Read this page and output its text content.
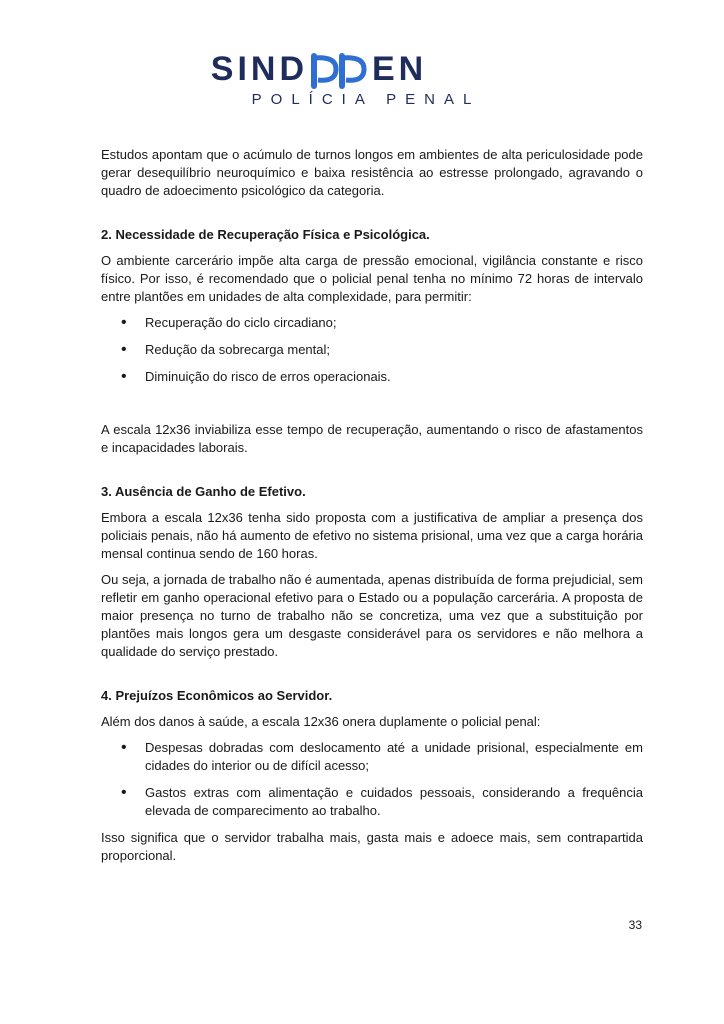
SIND EN
POLÍCIA PENAL

Estudos apontam que o acúmulo de turnos longos em ambientes de alta periculosidade pode gerar desequilíbrio neuroquímico e baixa resistência ao estresse prolongado, agravando o quadro de adoecimento psicológico da categoria.

2. Necessidade de Recuperação Física e Psicológica.

O ambiente carcerário impõe alta carga de pressão emocional, vigilância constante e risco físico. Por isso, é recomendado que o policial penal tenha no mínimo 72 horas de intervalo entre plantões em unidades de alta complexidade, para permitir:

• Recuperação do ciclo circadiano;
• Redução da sobrecarga mental;
• Diminuição do risco de erros operacionais.

A escala 12x36 inviabiliza esse tempo de recuperação, aumentando o risco de afastamentos e incapacidades laborais.

3. Ausência de Ganho de Efetivo.

Embora a escala 12x36 tenha sido proposta com a justificativa de ampliar a presença dos policiais penais, não há aumento de efetivo no sistema prisional, uma vez que a carga horária mensal continua sendo de 160 horas.

Ou seja, a jornada de trabalho não é aumentada, apenas distribuída de forma prejudicial, sem refletir em ganho operacional efetivo para o Estado ou a população carcerária. A proposta de maior presença no turno de trabalho não se concretiza, uma vez que a substituição por plantões mais longos gera um desgaste considerável para os servidores e não melhora a qualidade do serviço prestado.

4. Prejuízos Econômicos ao Servidor.

Além dos danos à saúde, a escala 12x36 onera duplamente o policial penal:

• Despesas dobradas com deslocamento até a unidade prisional, especialmente em cidades do interior ou de difícil acesso;
• Gastos extras com alimentação e cuidados pessoais, considerando a frequência elevada de comparecimento ao trabalho.

Isso significa que o servidor trabalha mais, gasta mais e adoece mais, sem contrapartida proporcional.

33
